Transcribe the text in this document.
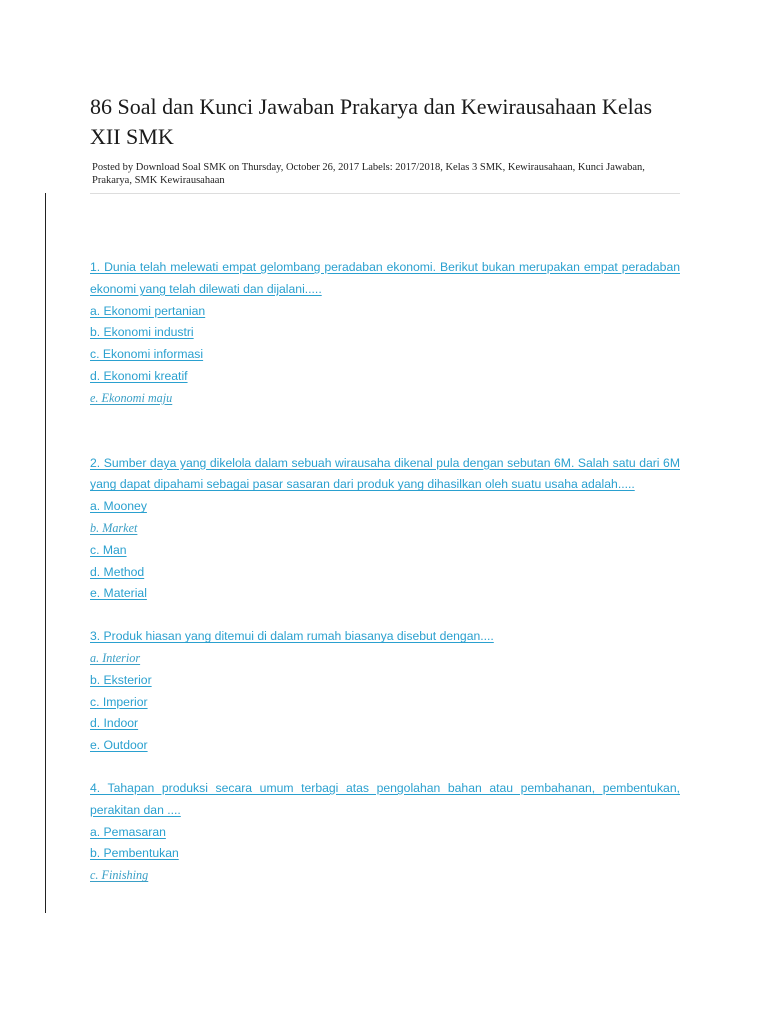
86 Soal dan Kunci Jawaban Prakarya dan Kewirausahaan Kelas XII SMK
Posted by Download Soal SMK on Thursday, October 26, 2017 Labels: 2017/2018, Kelas 3 SMK, Kewirausahaan, Kunci Jawaban, Prakarya, SMK Kewirausahaan
1. Dunia telah melewati empat gelombang peradaban ekonomi. Berikut bukan merupakan empat peradaban ekonomi yang telah dilewati dan dijalani.....
a. Ekonomi pertanian
b. Ekonomi industri
c. Ekonomi informasi
d. Ekonomi kreatif
e. Ekonomi maju
2. Sumber daya yang dikelola dalam sebuah wirausaha dikenal pula dengan sebutan 6M. Salah satu dari 6M yang dapat dipahami sebagai pasar sasaran dari produk yang dihasilkan oleh suatu usaha adalah.....
a. Mooney
b. Market
c. Man
d. Method
e. Material
3. Produk hiasan yang ditemui di dalam rumah biasanya disebut dengan....
a. Interior
b. Eksterior
c. Imperior
d. Indoor
e. Outdoor
4. Tahapan produksi secara umum terbagi atas pengolahan bahan atau pembahanan, pembentukan, perakitan dan ....
a. Pemasaran
b. Pembentukan
c. Finishing
